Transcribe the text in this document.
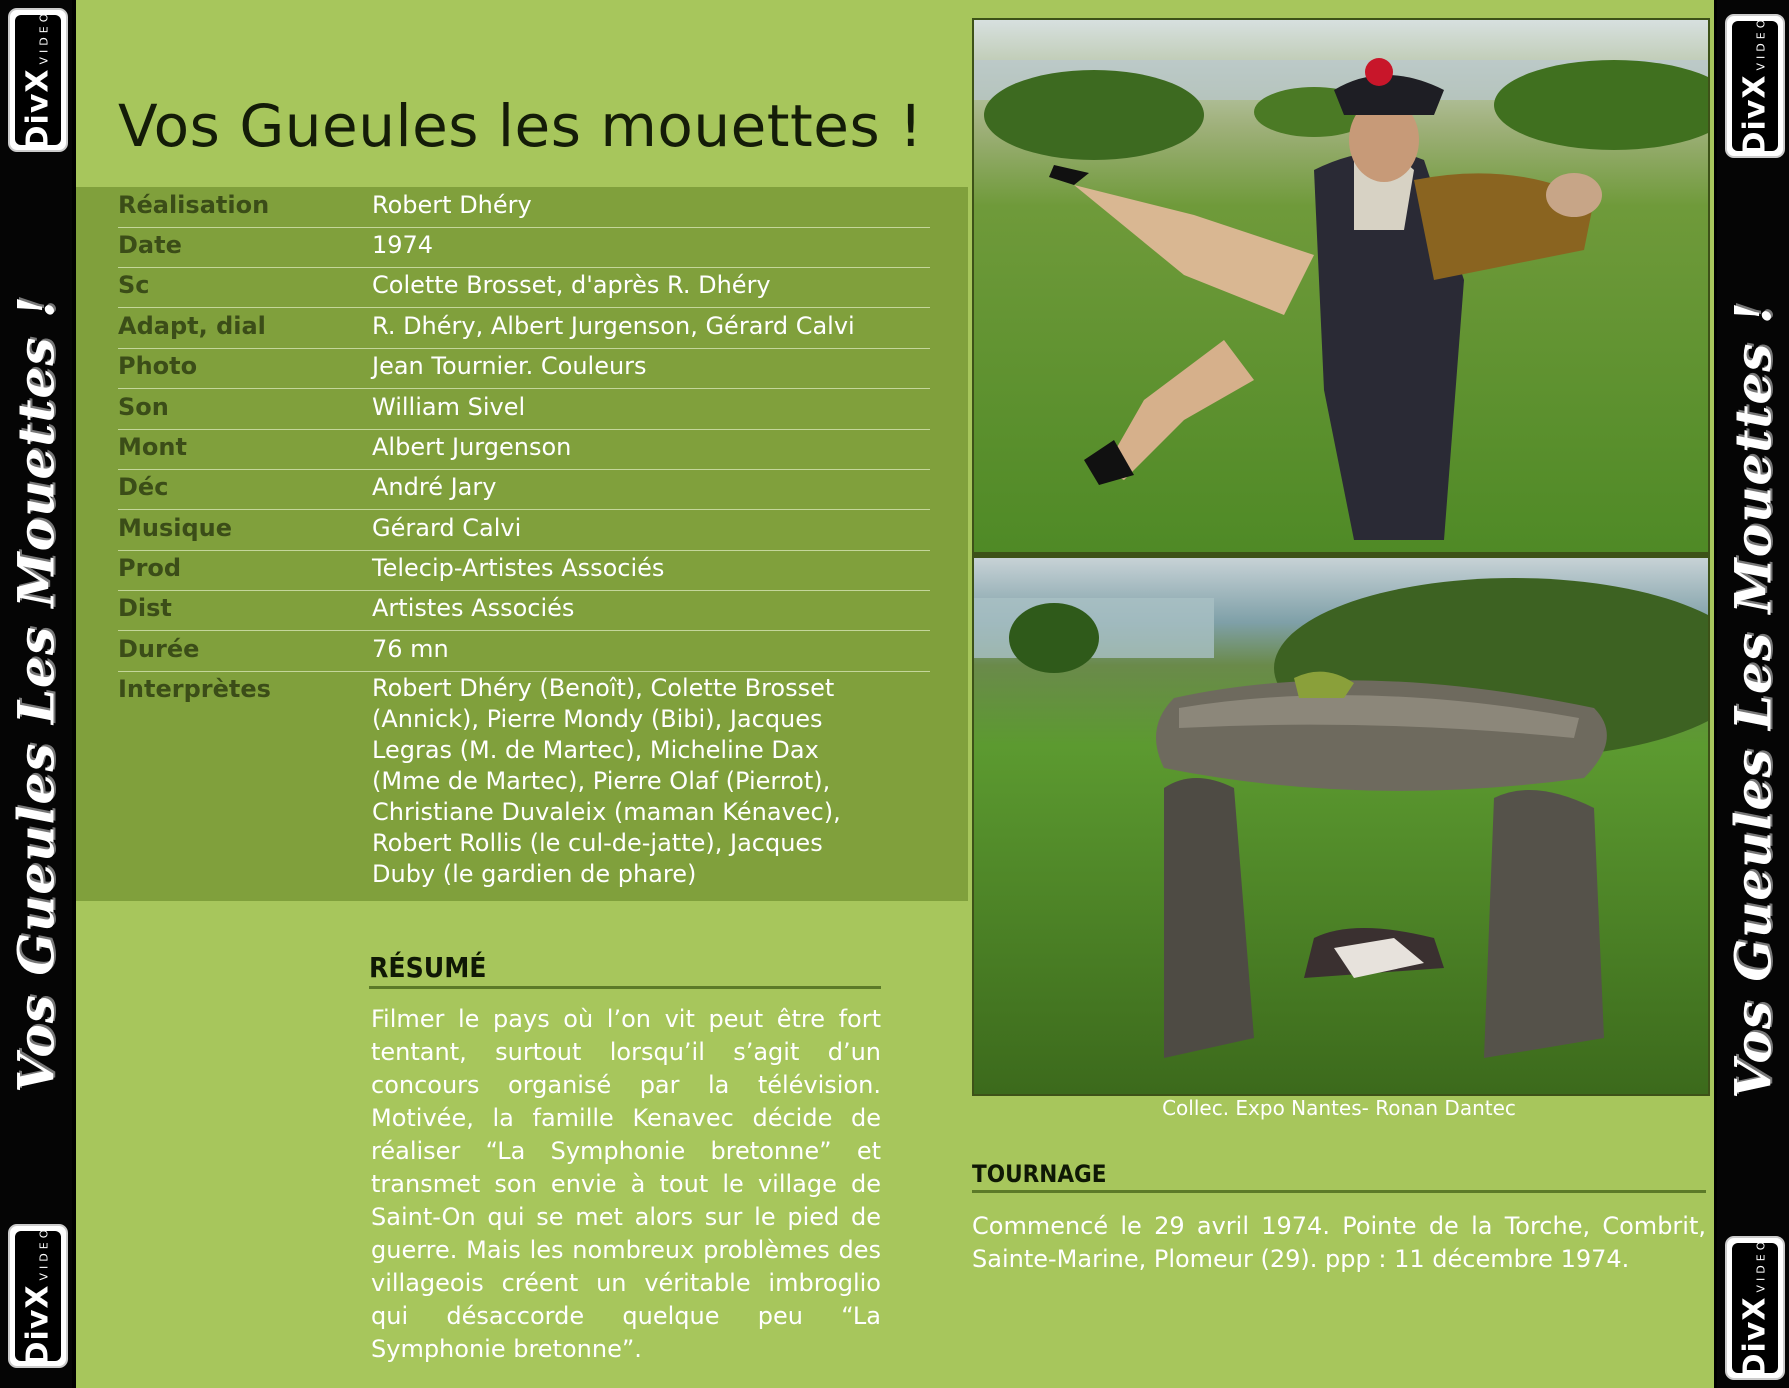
DivXVIDEO
Vos Gueules Les Mouettes !
DivXVIDEO
DivXVIDEO
Vos Gueules Les Mouettes !
DivXVIDEO
Vos Gueules les mouettes !
Réalisation	Robert Dhéry
Date	1974
Sc	Colette Brosset, d'après R. Dhéry
Adapt, dial	R. Dhéry, Albert Jurgenson, Gérard Calvi
Photo	Jean Tournier. Couleurs
Son	William Sivel
Mont	Albert Jurgenson
Déc	André Jary
Musique	Gérard Calvi
Prod	Telecip-Artistes Associés
Dist	Artistes Associés
Durée	76 mn
Interprètes	Robert Dhéry (Benoît), Colette Brosset (Annick), Pierre Mondy (Bibi), Jacques Legras (M. de Martec), Micheline Dax (Mme de Martec), Pierre Olaf (Pierrot), Christiane Duvaleix (maman Kénavec), Robert Rollis (le cul-de-jatte), Jacques Duby (le gardien de phare)
RÉSUMÉ

Filmer le pays où l’on vit peut être fort tentant, surtout lorsqu’il s’agit d’un concours organisé par la télévision. Motivée, la famille Kenavec décide de réaliser “La Symphonie bretonne” et transmet son envie à tout le village de Saint-On qui se met alors sur le pied de guerre. Mais les nombreux problèmes des villageois créent un véritable imbroglio qui désaccorde quelque peu “La Symphonie bretonne”.

Collec. Expo Nantes- Ronan Dantec
TOURNAGE

Commencé le 29 avril 1974. Pointe de la Torche, Combrit, Sainte-Marine, Plomeur (29). ppp : 11 décembre 1974.
